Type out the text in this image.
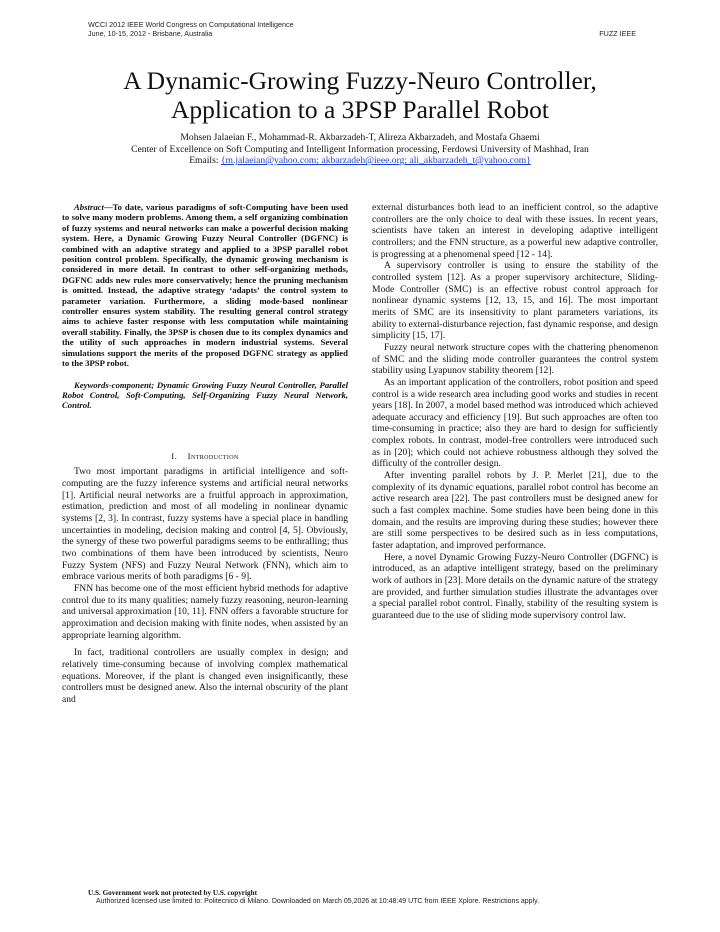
WCCI 2012 IEEE World Congress on Computational Intelligence
June, 10-15, 2012 - Brisbane, Australia	FUZZ IEEE
A Dynamic-Growing Fuzzy-Neuro Controller,
Application to a 3PSP Parallel Robot
Mohsen Jalaeian F., Mohammad-R. Akbarzadeh-T, Alireza Akbarzadeh, and Mostafa Ghaemi
Center of Excellence on Soft Computing and Intelligent Information processing, Ferdowsi University of Mashhad, Iran
Emails: {m.jalaeian@yahoo.com; akbarzadeh@ieee.org; ali_akbarzadeh_t@yahoo.com}

Abstract—To date, various paradigms of soft-Computing have been used to solve many modern problems. Among them, a self organizing combination of fuzzy systems and neural networks can make a powerful decision making system. Here, a Dynamic Growing Fuzzy Neural Controller (DGFNC) is combined with an adaptive strategy and applied to a 3PSP parallel robot position control problem. Specifically, the dynamic growing mechanism is considered in more detail. In contrast to other self-organizing methods, DGFNC adds new rules more conservatively; hence the pruning mechanism is omitted. Instead, the adaptive strategy ‘adapts’ the control system to parameter variation. Furthermore, a sliding mode-based nonlinear controller ensures system stability. The resulting general control strategy aims to achieve faster response with less computation while maintaining overall stability. Finally, the 3PSP is chosen due to its complex dynamics and the utility of such approaches in modern industrial systems. Several simulations support the merits of the proposed DGFNC strategy as applied to the 3PSP robot.

Keywords-component; Dynamic Growing Fuzzy Neural Controller, Parallel Robot Control, Soft-Computing, Self-Organizing Fuzzy Neural Network, Control.

I. Introduction

Two most important paradigms in artificial intelligence and soft-computing are the fuzzy inference systems and artificial neural networks [1]. Artificial neural networks are a fruitful approach in approximation, estimation, prediction and most of all modeling in nonlinear dynamic systems [2, 3]. In contrast, fuzzy systems have a special place in handling uncertainties in modeling, decision making and control [4, 5]. Obviously, the synergy of these two powerful paradigms seems to be enthralling; thus two combinations of them have been introduced by scientists, Neuro Fuzzy System (NFS) and Fuzzy Neural Network (FNN), which aim to embrace various merits of both paradigms [6 - 9].

FNN has become one of the most efficient hybrid methods for adaptive control due to its many qualities; namely fuzzy reasoning, neuron-learning and universal approximation [10, 11]. FNN offers a favorable structure for approximation and decision making with finite nodes, when assisted by an appropriate learning algorithm.

In fact, traditional controllers are usually complex in design; and relatively time-consuming because of involving complex mathematical equations. Moreover, if the plant is changed even insignificantly, these controllers must be designed anew. Also the internal obscurity of the plant and

external disturbances both lead to an inefficient control, so the adaptive controllers are the only choice to deal with these issues. In recent years, scientists have taken an interest in developing adaptive intelligent controllers; and the FNN structure, as a powerful new adaptive controller, is progressing at a phenomenal speed [12 - 14].

A supervisory controller is using to ensure the stability of the controlled system [12]. As a proper supervisory architecture, Sliding-Mode Controller (SMC) is an effective robust control approach for nonlinear dynamic systems [12, 13, 15, and 16]. The most important merits of SMC are its insensitivity to plant parameters variations, its ability to external-disturbance rejection, fast dynamic response, and design simplicity [15, 17].

Fuzzy neural network structure copes with the chattering phenomenon of SMC and the sliding mode controller guarantees the control system stability using Lyapunov stability theorem [12].

As an important application of the controllers, robot position and speed control is a wide research area including good works and studies in recent years [18]. In 2007, a model based method was introduced which achieved adequate accuracy and efficiency [19]. But such approaches are often too time-consuming in practice; also they are hard to design for sufficiently complex robots. In contrast, model-free controllers were introduced such as in [20]; which could not achieve robustness although they solved the difficulty of the controller design.

After inventing parallel robots by J. P. Merlet [21], due to the complexity of its dynamic equations, parallel robot control has become an active research area [22]. The past controllers must be designed anew for such a fast complex machine. Some studies have been being done in this domain, and the results are improving during these studies; however there are still some perspectives to be desired such as in less computations, faster adaptation, and improved performance.

Here, a novel Dynamic Growing Fuzzy-Neuro Controller (DGFNC) is introduced, as an adaptive intelligent strategy, based on the preliminary work of authors in [23]. More details on the dynamic nature of the strategy are provided, and further simulation studies illustrate the advantages over a special parallel robot control. Finally, stability of the resulting system is guaranteed due to the use of sliding mode supervisory control law.

U.S. Government work not protected by U.S. copyright
Authorized licensed use limited to: Politecnico di Milano. Downloaded on March 05,2026 at 10:48:49 UTC from IEEE Xplore. Restrictions apply.
